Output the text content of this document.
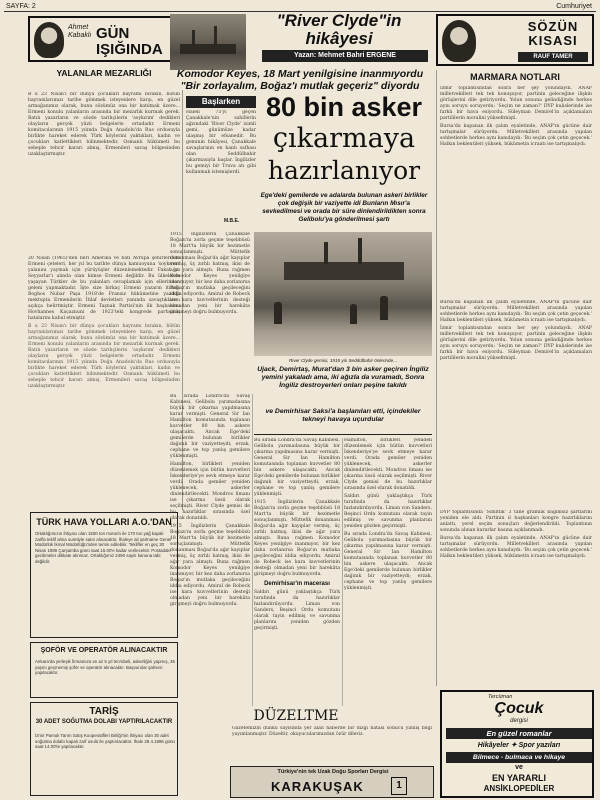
SAYFA: 2	Cumhuriyet
Ahmet
Kabaklı GÜN IŞIĞINDA
YALANLAR MEZARLIĞI

B u 23 Nisan'ı bir dünya çocukları bayramı bırakın, bütün bayramlarımızı tarihe gömmek isteyenlere karşı, en güzel armağanımız olarak, bunu sözümüz ona bir katılmak üzere... Ermeni konulu yalanların arasında bir mezarlık kurmak gerek. Batılı yazarların ve sözde tarihçilerin 'soykırım' dedikleri olayların gerçek yüzü belgelerle ortadadır. Ermeni komitacılarının 1915 yılında Doğu Anadolu'da Rus ordusuyla birlikte hareket ederek Türk köylerini yaktıkları, kadın ve çocukları katlettikleri bilinmektedir. Osmanlı hükümeti bu sebeple tehcir kararı almış, Ermenileri savaş bölgesinden uzaklaştırmıştır.

20 Nisan (1965)'den beri Amerika ve batı Avrupa şehirlerinde Ermeni çeteleri, her yıl bu tarihte dünya kamuoyuna 'soykırım' yalanını yaymak için yürüyüşler düzenlemektedir. Fakat şu Seyyarlar'ı alında olan kimse Ermeni değildir. Bu ülkelerde yaşayan Türkler de bu yalanları cevaplamak için ellerinden geleni yapmaktadır. İşte size birkaç Ermeni yazarın itirafı: Boghos Nubar Paşa 1918'de Fransız hükümetine yazdığı mektupta Ermenilerin İtilaf devletleri yanında savaştıklarını açıkça belirtmiştir. Ermeni Taşnak Partisi'nin ilk başbakanı Hovhannes Kaçaznuni de 1923'teki kongrede partisinin hatalarını kabul etmiştir.

B u 23 Nisan'ı bir dünya çocukları bayramı bırakın, bütün bayramlarımızı tarihe gömmek isteyenlere karşı, en güzel armağanımız olarak, bunu sözümüz ona bir katılmak üzere... Ermeni konulu yalanların arasında bir mezarlık kurmak gerek. Batılı yazarların ve sözde tarihçilerin 'soykırım' dedikleri olayların gerçek yüzü belgelerle ortadadır. Ermeni komitacılarının 1915 yılında Doğu Anadolu'da Rus ordusuyla birlikte hareket ederek Türk köylerini yaktıkları, kadın ve çocukları katlettikleri bilinmektedir. Osmanlı hükümeti bu sebeple tehcir kararı almış, Ermenileri savaş bölgesinden uzaklaştırmıştır.

TÜRK HAVA YOLLARI A.O.'DAN
Ortaklığımızın ihtiyacı olan 1500 ton motorin ile 170 ton yağ kapalı zarfla teklif alma suretiyle satın alınacaktır. İhaleye ait şartname Genel Müdürlük İkmal Müdürlüğü'nden temin edilebilir. Teklifler en geç 30 Nisan 1986 Çarşamba günü saat 15.00'e kadar verilecektir. Postadaki gecikmeler dikkate alınmaz. Ortaklığımız 2490 sayılı kanuna tabi değildir.
ŞOFÖR VE OPERATÖR ALINACAKTIR
Ankara'da yerleşik firmamıza en az 5 yıl tecrübeli, askerliğini yapmış, 35 yaşını geçmemiş şoför ve operatör alınacaktır. Başvurular şahsen yapılacaktır.
TARİŞ
30 ADET SOĞUTMA DOLABI YAPTIRILACAKTIR
İzmir Pamuk Tarım Satış Kooperatifleri Birliği'nin ihtiyacı olan 30 adet soğutma dolabı kapalı zarf usulü ile yaptırılacaktır. İhale 28.4.1986 günü saat 14.00'te yapılacaktır.
"River Clyde"in hikâyesi
Yazan: Mehmet Bahri ERGENE
Komodor Keyes, 18 Mart yenilgisine inanmıyordu "Bir zorlayalım, Boğaz'ı mutlak geçeriz" diyordu
Başlarken
Halen 75'yi geçen Çanakkale'nin sahillerin ağzındaki 'River Clyde' isimli gemi, günümüze kadar ulaşmış bir efsanedir. Bu geminin hikâyesi, Çanakkale savaşlarının en kanlı safhası olan Seddülbahir çıkarmasıyla başlar. İngilizler bu gemiyi bir Truva atı gibi kullanmak istemişlerdi.
M.B.E.
80 bin asker
çıkarmaya
hazırlanıyor
Ege'deki gemilerde ve adalarda bulunan askeri birlikler çok değişik bir vaziyette idi Bunların Mısır'a sevkedilmesi ve orada bir süre dinlendirildikten sonra Gelibolu'ya gönderilmesi şartı

1915 İngilizlerin Çanakkale Boğazı'nı zorla geçme teşebbüsü 18 Mart'ta büyük bir hezimetle sonuçlanmıştı. Müttefik donanması Boğaz'da ağır kayıplar vermiş, üç zırhlı batmış, ikisi de ağır yara almıştı. Buna rağmen Komodor Keyes yenilgiye inanmıyor, bir kez daha zorlanırsa Boğaz'ın mutlaka geçileceğini iddia ediyordu. Amiral de Robeck ise kara kuvvetlerinin desteği olmadan yeni bir harekâta girişmeyi doğru bulmuyordu.

River Clyde gemisi, 1915 yılı Seddülbahir önlerinde...
Ujack, Demirtaş, Murat'dan 3 bin asker geçiren İngiliz yemini yakaladı ama, iki ağızla da vuramadı, Sonra İngiliz destroyerleri onları peşine takıldı
ve Demirhisar Saksi'a başlanıları etti, içindekiler tekneyi havaya uçurdular

Bu sırada Londra'da Savaş Kabinesi, Gelibolu yarımadasına büyük bir çıkarma yapılmasına karar vermişti. General Sir Ian Hamilton komutasında toplanan kuvvetler 80 bin askere ulaşacaktı. Ancak Ege'deki gemilerde bulunan birlikler dağınık bir vaziyetteydi; erzak, cephane ve top yanlış gemilere yüklenmişti.

Hamilton, birlikleri yeniden düzenlemek için bütün kuvvetleri İskenderiye'ye sevk etmeye karar verdi. Orada gemiler yeniden yüklenecek, askerler dinlendirilecekti. Mondros limanı ise çıkarma üssü olarak seçilmişti. River Clyde gemisi de bu hazırlıklar sırasında özel olarak donatıldı.

1915 İngilizlerin Çanakkale Boğazı'nı zorla geçme teşebbüsü 18 Mart'ta büyük bir hezimetle sonuçlanmıştı. Müttefik donanması Boğaz'da ağır kayıplar vermiş, üç zırhlı batmış, ikisi de ağır yara almıştı. Buna rağmen Komodor Keyes yenilgiye inanmıyor, bir kez daha zorlanırsa Boğaz'ın mutlaka geçileceğini iddia ediyordu. Amiral de Robeck ise kara kuvvetlerinin desteği olmadan yeni bir harekâta girişmeyi doğru bulmuyordu.

Bu sırada Londra'da Savaş Kabinesi, Gelibolu yarımadasına büyük bir çıkarma yapılmasına karar vermişti. General Sir Ian Hamilton komutasında toplanan kuvvetler 80 bin askere ulaşacaktı. Ancak Ege'deki gemilerde bulunan birlikler dağınık bir vaziyetteydi; erzak, cephane ve top yanlış gemilere yüklenmişti.

1915 İngilizlerin Çanakkale Boğazı'nı zorla geçme teşebbüsü 18 Mart'ta büyük bir hezimetle sonuçlanmıştı. Müttefik donanması Boğaz'da ağır kayıplar vermiş, üç zırhlı batmış, ikisi de ağır yara almıştı. Buna rağmen Komodor Keyes yenilgiye inanmıyor, bir kez daha zorlanırsa Boğaz'ın mutlaka geçileceğini iddia ediyordu. Amiral de Robeck ise kara kuvvetlerinin desteği olmadan yeni bir harekâta girişmeyi doğru bulmuyordu.

Demirhisar'ın macerası

Saldırı günü yaklaştıkça Türk tarafında da hazırlıklar hızlandırılıyordu. Liman von Sanders, Beşinci Ordu komutanı olarak tayin edilmiş ve savunma planlarını yeniden gözden geçirmişti.

Hamilton, birlikleri yeniden düzenlemek için bütün kuvvetleri İskenderiye'ye sevk etmeye karar verdi. Orada gemiler yeniden yüklenecek, askerler dinlendirilecekti. Mondros limanı ise çıkarma üssü olarak seçilmişti. River Clyde gemisi de bu hazırlıklar sırasında özel olarak donatıldı.

Saldırı günü yaklaştıkça Türk tarafında da hazırlıklar hızlandırılıyordu. Liman von Sanders, Beşinci Ordu komutanı olarak tayin edilmiş ve savunma planlarını yeniden gözden geçirmişti.

Bu sırada Londra'da Savaş Kabinesi, Gelibolu yarımadasına büyük bir çıkarma yapılmasına karar vermişti. General Sir Ian Hamilton komutasında toplanan kuvvetler 80 bin askere ulaşacaktı. Ancak Ege'deki gemilerde bulunan birlikler dağınık bir vaziyetteydi; erzak, cephane ve top yanlış gemilere yüklenmişti.

DÜZELTME

Gazetemizin dünkü sayısında yer alan haberde bir dizgi hatası sonucu yanlış bilgi yayımlanmıştır. Düzeltir, okuyucularımızdan özür dileriz.

Türkiye'nin tek Uzak Doğu Sporları Dergisi
KARAKUŞAK	1
SÖZÜN
KISASI
RAUF TAMER
MARMARA NOTLARI

İzmir toplantısından sonra her şey yolundaydı. ANAP milletvekilleri tek tek konuşuyor, partinin geleceğine ilişkin görüşlerini dile getiriyordu. Yolun sonuna gelindiğinde herkes aynı soruyu soruyordu: 'Seçim ne zaman?' DYP kulislerinde ise farklı bir hava esiyordu. Süleyman Demirel'in açıklamaları partililerin moralini yükseltmişti.

Bursa'da kapanan ilk çalım eyaletinde, ANAP'ın gücüne dair tartışmalar sürüyordu. Milletvekilleri arasında yapılan sohbetlerde herkes aynı kanıdaydı: 'Bu seçim çok çetin geçecek.' Halkın beklentileri yüksek, hükümetin icraatı ise tartışmalıydı.

Bursa'da kapanan ilk çalım eyaletinde, ANAP'ın gücüne dair tartışmalar sürüyordu. Milletvekilleri arasında yapılan sohbetlerde herkes aynı kanıdaydı: 'Bu seçim çok çetin geçecek.' Halkın beklentileri yüksek, hükümetin icraatı ise tartışmalıydı.

İzmir toplantısından sonra her şey yolundaydı. ANAP milletvekilleri tek tek konuşuyor, partinin geleceğine ilişkin görüşlerini dile getiriyordu. Yolun sonuna gelindiğinde herkes aynı soruyu soruyordu: 'Seçim ne zaman?' DYP kulislerinde ise farklı bir hava esiyordu. Süleyman Demirel'in açıklamaları partililerin moralini yükseltmişti.

DYP toplantısında 'Simitlik' 3 tane gramlık bağımsız şartlarını yeniden ele aldı. Partinin il başkanları kongre hazırlıklarını anlattı, yerel seçim sonuçları değerlendirildi. Toplantının sonunda alınan kararlar basına açıklanmadı.

Bursa'da kapanan ilk çalım eyaletinde, ANAP'ın gücüne dair tartışmalar sürüyordu. Milletvekilleri arasında yapılan sohbetlerde herkes aynı kanıdaydı: 'Bu seçim çok çetin geçecek.' Halkın beklentileri yüksek, hükümetin icraatı ise tartışmalıydı.

Tercüman
Çocuk
dergisi
En güzel romanlar
Hikâyeler ✦ Spor yazıları
Bilmece - bulmaca ve hikaye
ve
EN YARARLI
ANSİKLOPEDİLER
